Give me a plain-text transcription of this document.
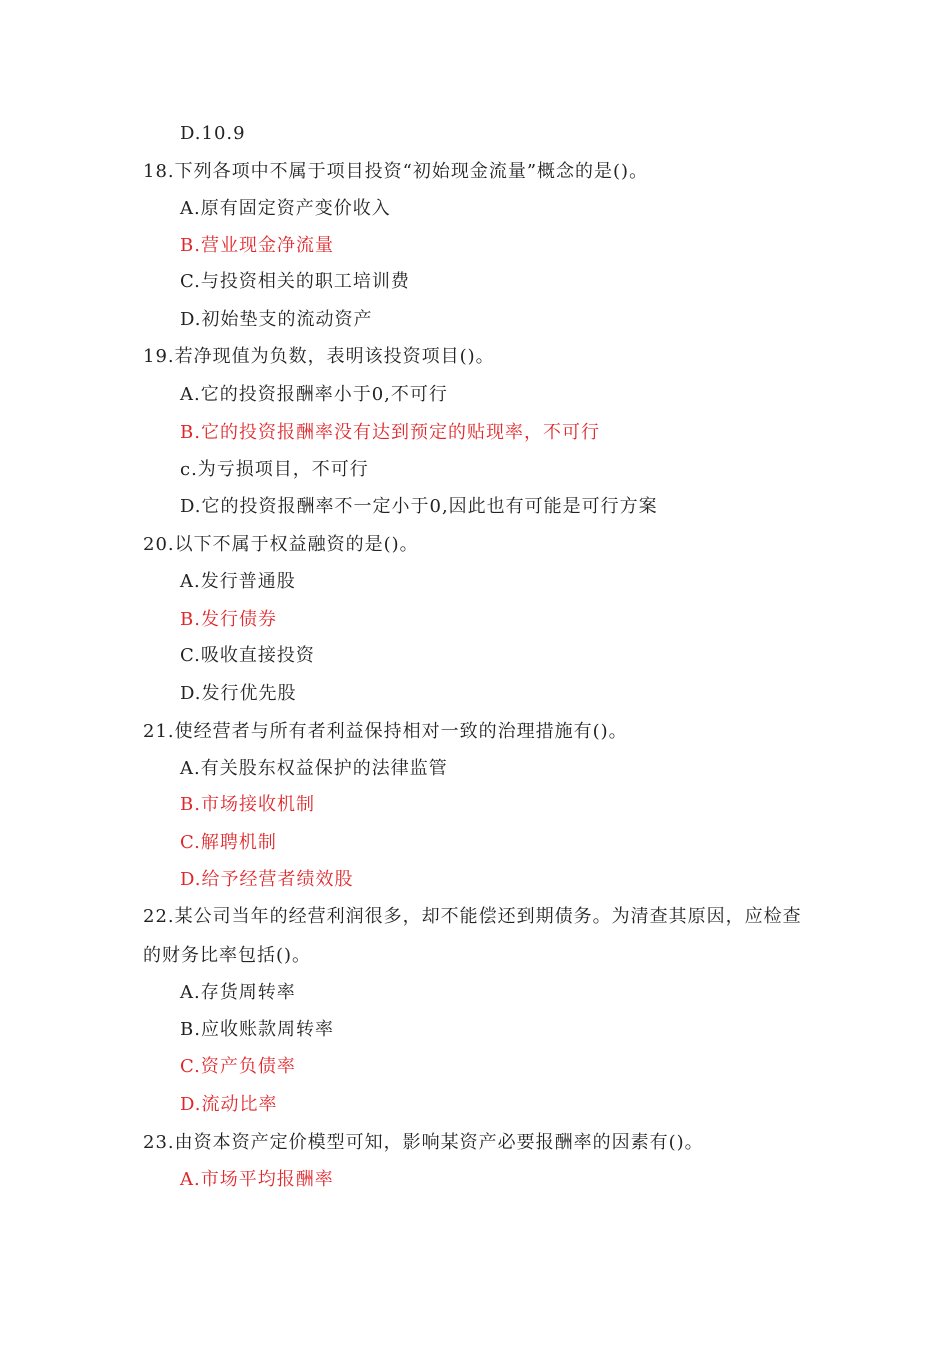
D.10.9
18.下列各项中不属于项目投资“初始现金流量”概念的是()。
A.原有固定资产变价收入
B.营业现金净流量
C.与投资相关的职工培训费
D.初始垫支的流动资产
19.若净现值为负数，表明该投资项目()。
A.它的投资报酬率小于0,不可行
B.它的投资报酬率没有达到预定的贴现率，不可行
c.为亏损项目，不可行
D.它的投资报酬率不一定小于0,因此也有可能是可行方案
20.以下不属于权益融资的是()。
A.发行普通股
B.发行债券
C.吸收直接投资
D.发行优先股
21.使经营者与所有者利益保持相对一致的治理措施有()。
A.有关股东权益保护的法律监管
B.市场接收机制
C.解聘机制
D.给予经营者绩效股
22.某公司当年的经营利润很多，却不能偿还到期债务。为清查其原因，应检查
的财务比率包括()。
A.存货周转率
B.应收账款周转率
C.资产负债率
D.流动比率
23.由资本资产定价模型可知，影响某资产必要报酬率的因素有()。
A.市场平均报酬率
